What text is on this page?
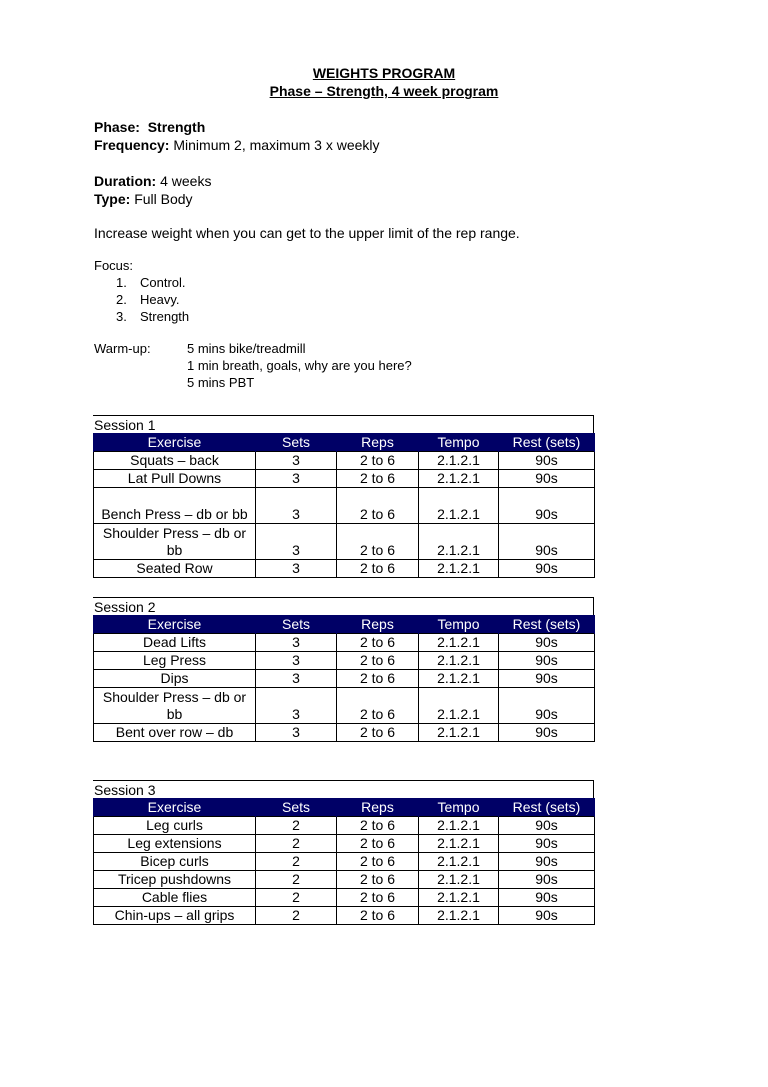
WEIGHTS PROGRAM
Phase – Strength, 4 week program
Phase: Strength
Frequency: Minimum 2, maximum 3 x weekly
Duration: 4 weeks
Type: Full Body
Increase weight when you can get to the upper limit of the rep range.
Focus:
1. Control.
2. Heavy.
3. Strength
Warm-up:	5 mins bike/treadmill
1 min breath, goals, why are you here?
5 mins PBT
Session 1
Exercise	Sets	Reps	Tempo	Rest (sets)
Squats – back	3	2 to 6	2.1.2.1	90s
Lat Pull Downs	3	2 to 6	2.1.2.1	90s
Bench Press – db or bb	3	2 to 6	2.1.2.1	90s
Shoulder Press – db or bb	3	2 to 6	2.1.2.1	90s
Seated Row	3	2 to 6	2.1.2.1	90s
Session 2
Exercise	Sets	Reps	Tempo	Rest (sets)
Dead Lifts	3	2 to 6	2.1.2.1	90s
Leg Press	3	2 to 6	2.1.2.1	90s
Dips	3	2 to 6	2.1.2.1	90s
Shoulder Press – db or bb	3	2 to 6	2.1.2.1	90s
Bent over row – db	3	2 to 6	2.1.2.1	90s
Session 3
Exercise	Sets	Reps	Tempo	Rest (sets)
Leg curls	2	2 to 6	2.1.2.1	90s
Leg extensions	2	2 to 6	2.1.2.1	90s
Bicep curls	2	2 to 6	2.1.2.1	90s
Tricep pushdowns	2	2 to 6	2.1.2.1	90s
Cable flies	2	2 to 6	2.1.2.1	90s
Chin-ups – all grips	2	2 to 6	2.1.2.1	90s
